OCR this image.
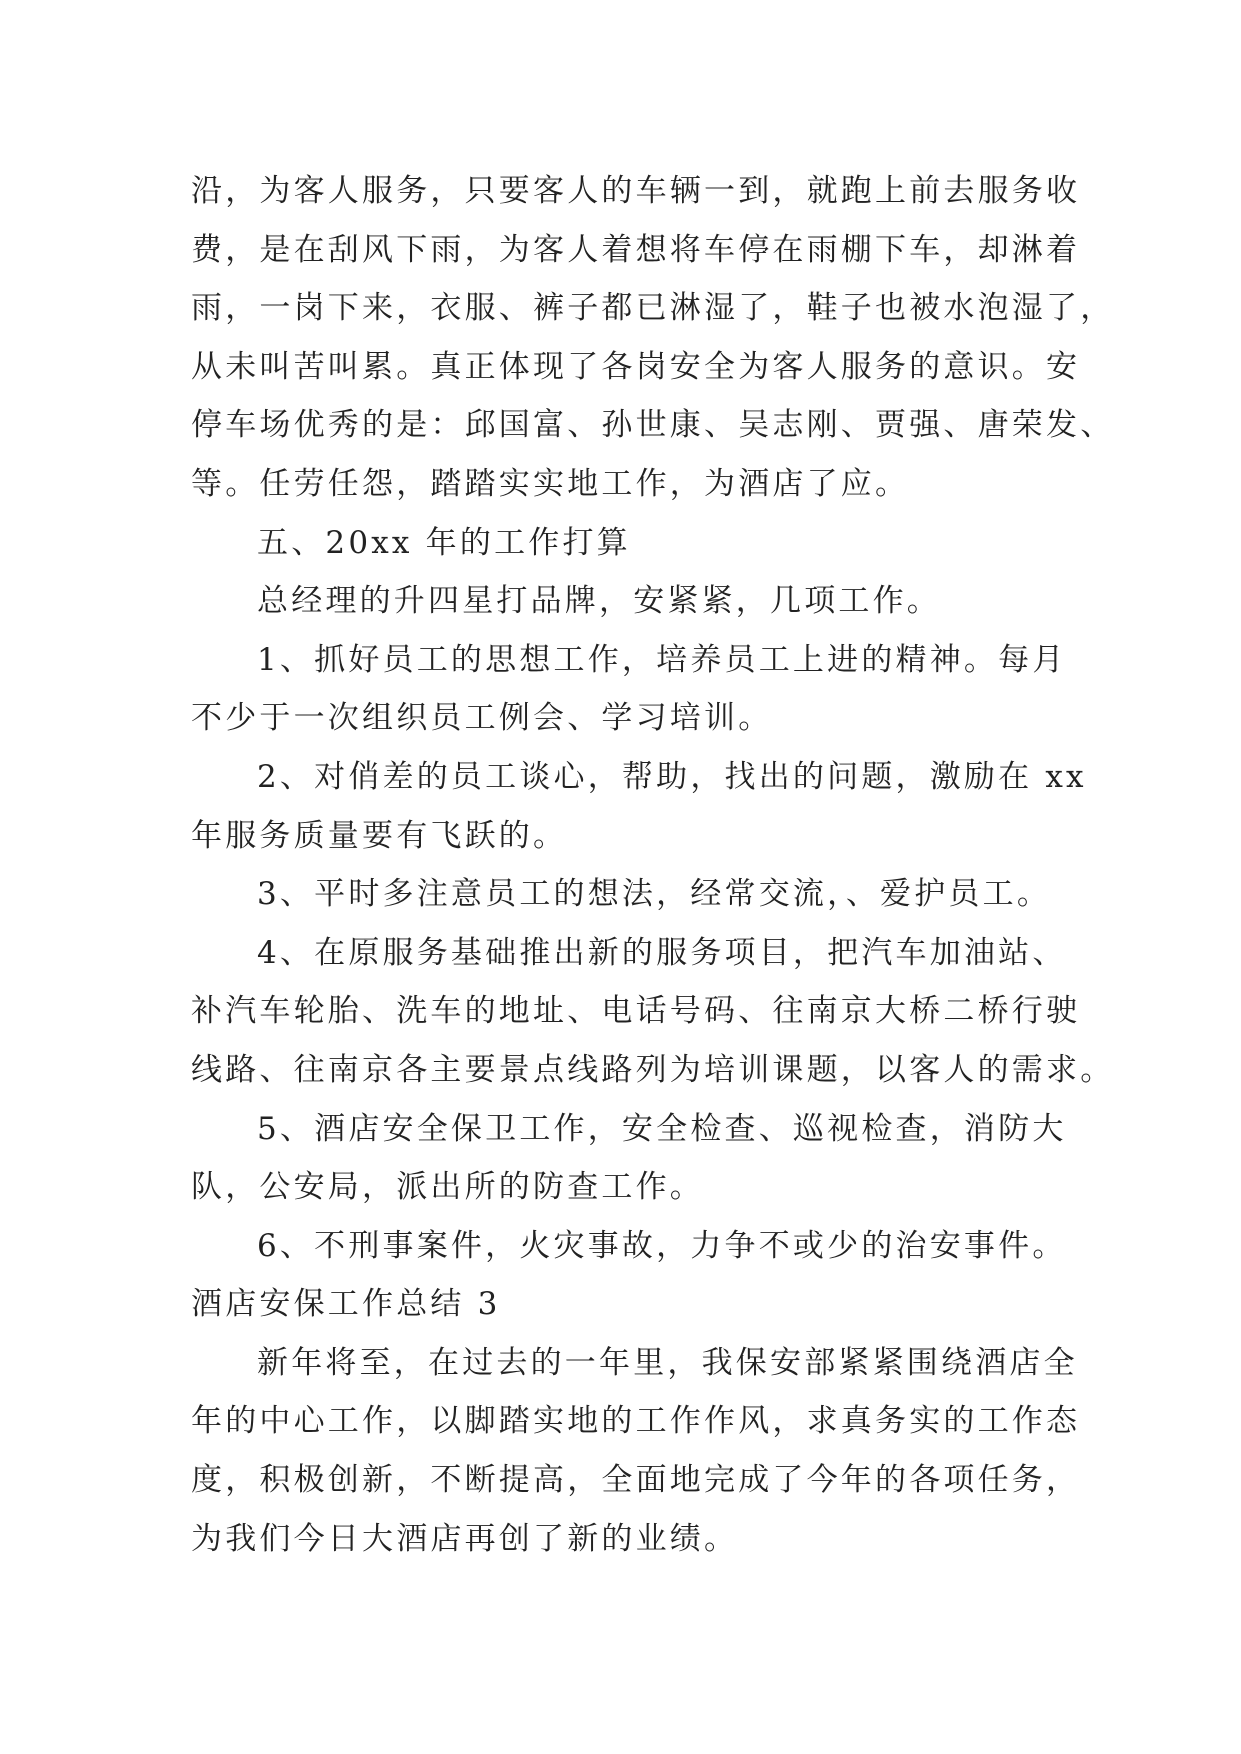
沿，为客人服务，只要客人的车辆一到，就跑上前去服务收
费，是在刮风下雨，为客人着想将车停在雨棚下车，却淋着
雨，一岗下来，衣服、裤子都已淋湿了，鞋子也被水泡湿了，
从未叫苦叫累。真正体现了各岗安全为客人服务的意识。安
停车场优秀的是：邱国富、孙世康、吴志刚、贾强、唐荣发、
等。任劳任怨，踏踏实实地工作，为酒店了应。
五、20xx 年的工作打算
总经理的升四星打品牌，安紧紧，几项工作。
1、抓好员工的思想工作，培养员工上进的精神。每月
不少于一次组织员工例会、学习培训。
2、对俏差的员工谈心，帮助，找出的问题，激励在 xx
年服务质量要有飞跃的。
3、平时多注意员工的想法，经常交流，、爱护员工。
4、在原服务基础推出新的服务项目，把汽车加油站、
补汽车轮胎、洗车的地址、电话号码、往南京大桥二桥行驶
线路、往南京各主要景点线路列为培训课题，以客人的需求。
5、酒店安全保卫工作，安全检查、巡视检查，消防大
队，公安局，派出所的防查工作。
6、不刑事案件，火灾事故，力争不或少的治安事件。
酒店安保工作总结 3
新年将至，在过去的一年里，我保安部紧紧围绕酒店全
年的中心工作，以脚踏实地的工作作风，求真务实的工作态
度，积极创新，不断提高，全面地完成了今年的各项任务，
为我们今日大酒店再创了新的业绩。
